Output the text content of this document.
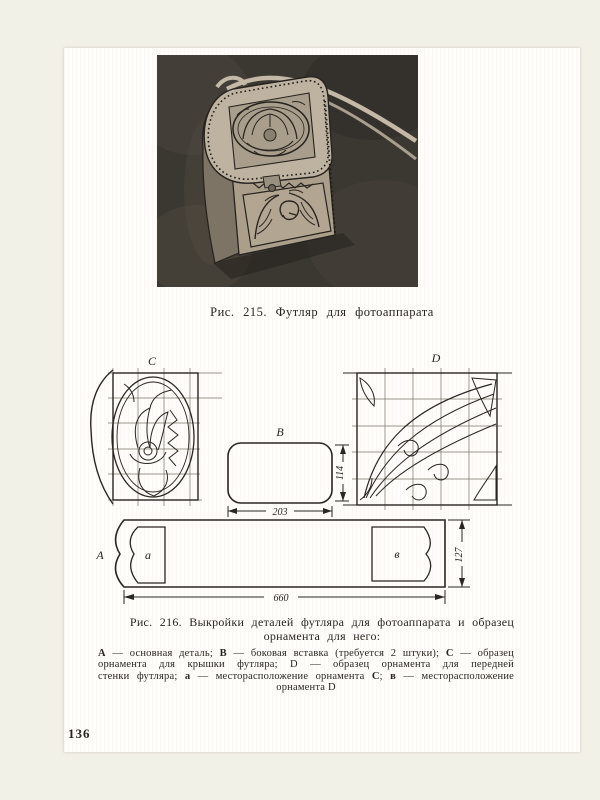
Рис. 215. Футляр для фотоаппарата
C
B
203
114
D
A	a	в
660
127
Рис. 216. Выкройки деталей футляра для фотоаппарата и образец
орнамента для него:
А — основная деталь; В — боковая вставка (требуется 2 штуки); С — образец
орнамента для крышки футляра; D — образец орнамента для передней
стенки футляра; а — месторасположение орнамента С; в — месторасположение
орнамента D
136
